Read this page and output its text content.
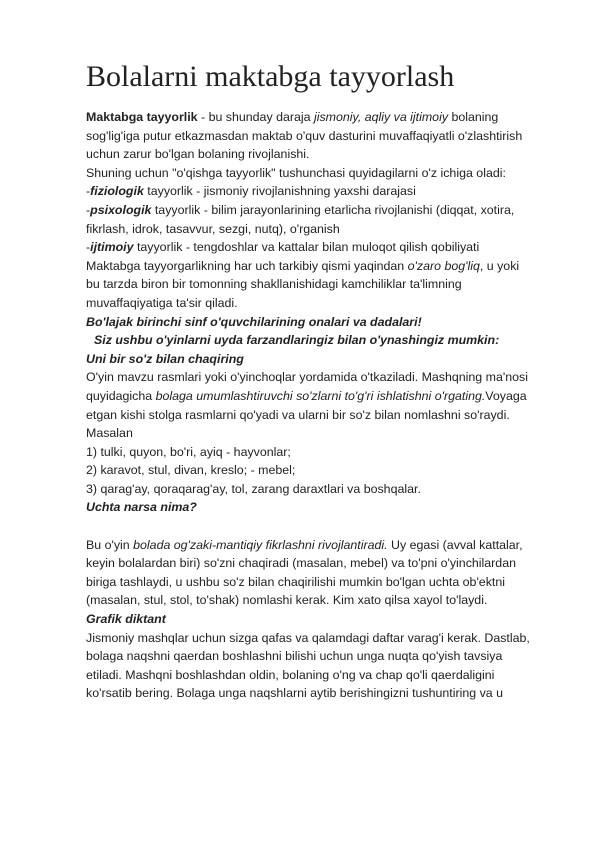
Bolalarni maktabga tayyorlash
Maktabga tayyorlik - bu shunday daraja jismoniy, aqliy va ijtimoiy bolaning
sog'lig'iga putur etkazmasdan maktab o'quv dasturini muvaffaqiyatli o'zlashtirish
uchun zarur bo'lgan bolaning rivojlanishi.
Shuning uchun "o'qishga tayyorlik" tushunchasi quyidagilarni o'z ichiga oladi:
-fiziologik tayyorlik - jismoniy rivojlanishning yaxshi darajasi
-psixologik tayyorlik - bilim jarayonlarining etarlicha rivojlanishi (diqqat, xotira,
fikrlash, idrok, tasavvur, sezgi, nutq), o'rganish
-ijtimoiy tayyorlik - tengdoshlar va kattalar bilan muloqot qilish qobiliyati
Maktabga tayyorgarlikning har uch tarkibiy qismi yaqindan o'zaro bog'liq, u yoki
bu tarzda biron bir tomonning shakllanishidagi kamchiliklar ta'limning
muvaffaqiyatiga ta'sir qiladi.
Bo'lajak birinchi sinf o'quvchilarining onalari va dadalari!
Siz ushbu o'yinlarni uyda farzandlaringiz bilan o'ynashingiz mumkin:
Uni bir so'z bilan chaqiring
O'yin mavzu rasmlari yoki o'yinchoqlar yordamida o'tkaziladi. Mashqning ma'nosi
quyidagicha bolaga umumlashtiruvchi so'zlarni to'g'ri ishlatishni o'rgating.Voyaga
etgan kishi stolga rasmlarni qo'yadi va ularni bir so'z bilan nomlashni so'raydi.
Masalan
1) tulki, quyon, bo'ri, ayiq - hayvonlar;
2) karavot, stul, divan, kreslo; - mebel;
3) qarag'ay, qoraqarag'ay, tol, zarang daraxtlari va boshqalar.
Uchta narsa nima?
Bu o'yin bolada og'zaki-mantiqiy fikrlashni rivojlantiradi. Uy egasi (avval kattalar,
keyin bolalardan biri) so'zni chaqiradi (masalan, mebel) va to'pni o'yinchilardan
biriga tashlaydi, u ushbu so'z bilan chaqirilishi mumkin bo'lgan uchta ob'ektni
(masalan, stul, stol, to'shak) nomlashi kerak. Kim xato qilsa xayol to'laydi.
Grafik diktant
Jismoniy mashqlar uchun sizga qafas va qalamdagi daftar varag'i kerak. Dastlab,
bolaga naqshni qaerdan boshlashni bilishi uchun unga nuqta qo'yish tavsiya
etiladi. Mashqni boshlashdan oldin, bolaning o'ng va chap qo'li qaerdaligini
ko'rsatib bering. Bolaga unga naqshlarni aytib berishingizni tushuntiring va u
